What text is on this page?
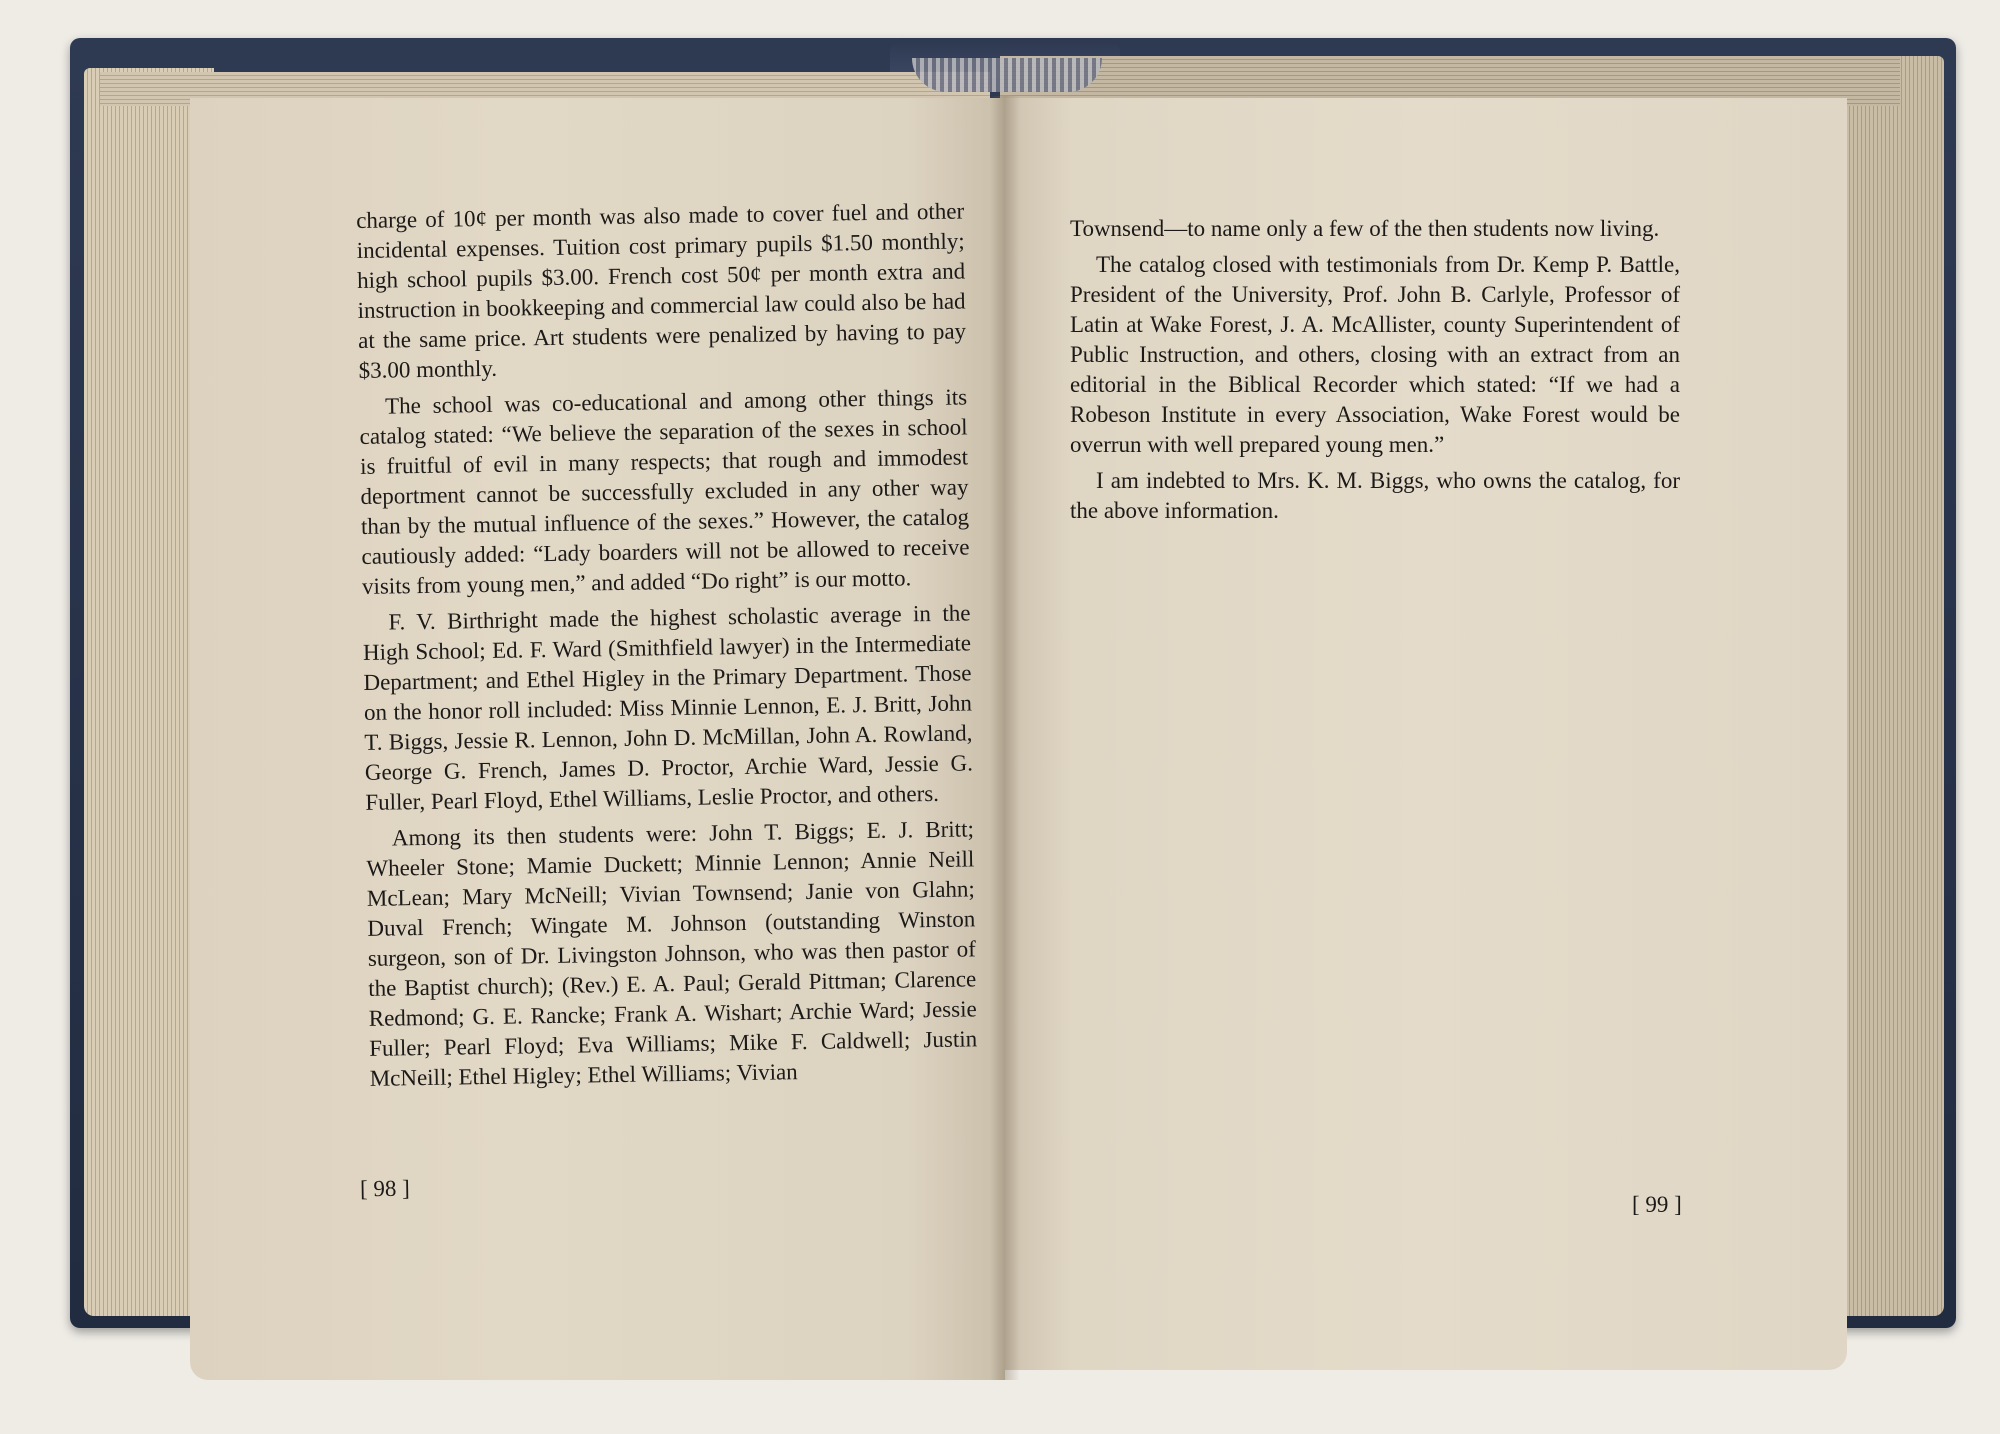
charge of 10¢ per month was also made to cover fuel and other incidental expenses. Tuition cost primary pupils $1.50 monthly; high school pupils $3.00. French cost 50¢ per month extra and instruction in bookkeeping and commercial law could also be had at the same price. Art students were penalized by having to pay $3.00 monthly.

The school was co-educational and among other things its catalog stated: “We believe the separation of the sexes in school is fruitful of evil in many respects; that rough and immodest deportment cannot be successfully excluded in any other way than by the mutual influence of the sexes.” However, the catalog cautiously added: “Lady boarders will not be allowed to receive visits from young men,” and added “Do right” is our motto.

F. V. Birthright made the highest scholastic average in the High School; Ed. F. Ward (Smithfield lawyer) in the Intermediate Department; and Ethel Higley in the Primary Department. Those on the honor roll included: Miss Minnie Lennon, E. J. Britt, John T. Biggs, Jessie R. Lennon, John D. McMillan, John A. Rowland, George G. French, James D. Proctor, Archie Ward, Jessie G. Fuller, Pearl Floyd, Ethel Williams, Leslie Proctor, and others.

Among its then students were: John T. Biggs; E. J. Britt; Wheeler Stone; Mamie Duckett; Minnie Lennon; Annie Neill McLean; Mary McNeill; Vivian Townsend; Janie von Glahn; Duval French; Wingate M. Johnson (outstanding Winston surgeon, son of Dr. Livingston Johnson, who was then pastor of the Baptist church); (Rev.) E. A. Paul; Gerald Pittman; Clarence Redmond; G. E. Rancke; Frank A. Wishart; Archie Ward; Jessie Fuller; Pearl Floyd; Eva Williams; Mike F. Caldwell; Justin McNeill; Ethel Higley; Ethel Williams; Vivian

[ 98 ]

Townsend—to name only a few of the then students now living.

The catalog closed with testimonials from Dr. Kemp P. Battle, President of the University, Prof. John B. Carlyle, Professor of Latin at Wake Forest, J. A. McAllister, county Superintendent of Public Instruction, and others, closing with an extract from an editorial in the Biblical Recorder which stated: “If we had a Robeson Institute in every Association, Wake Forest would be overrun with well prepared young men.”

I am indebted to Mrs. K. M. Biggs, who owns the catalog, for the above information.

[ 99 ]
